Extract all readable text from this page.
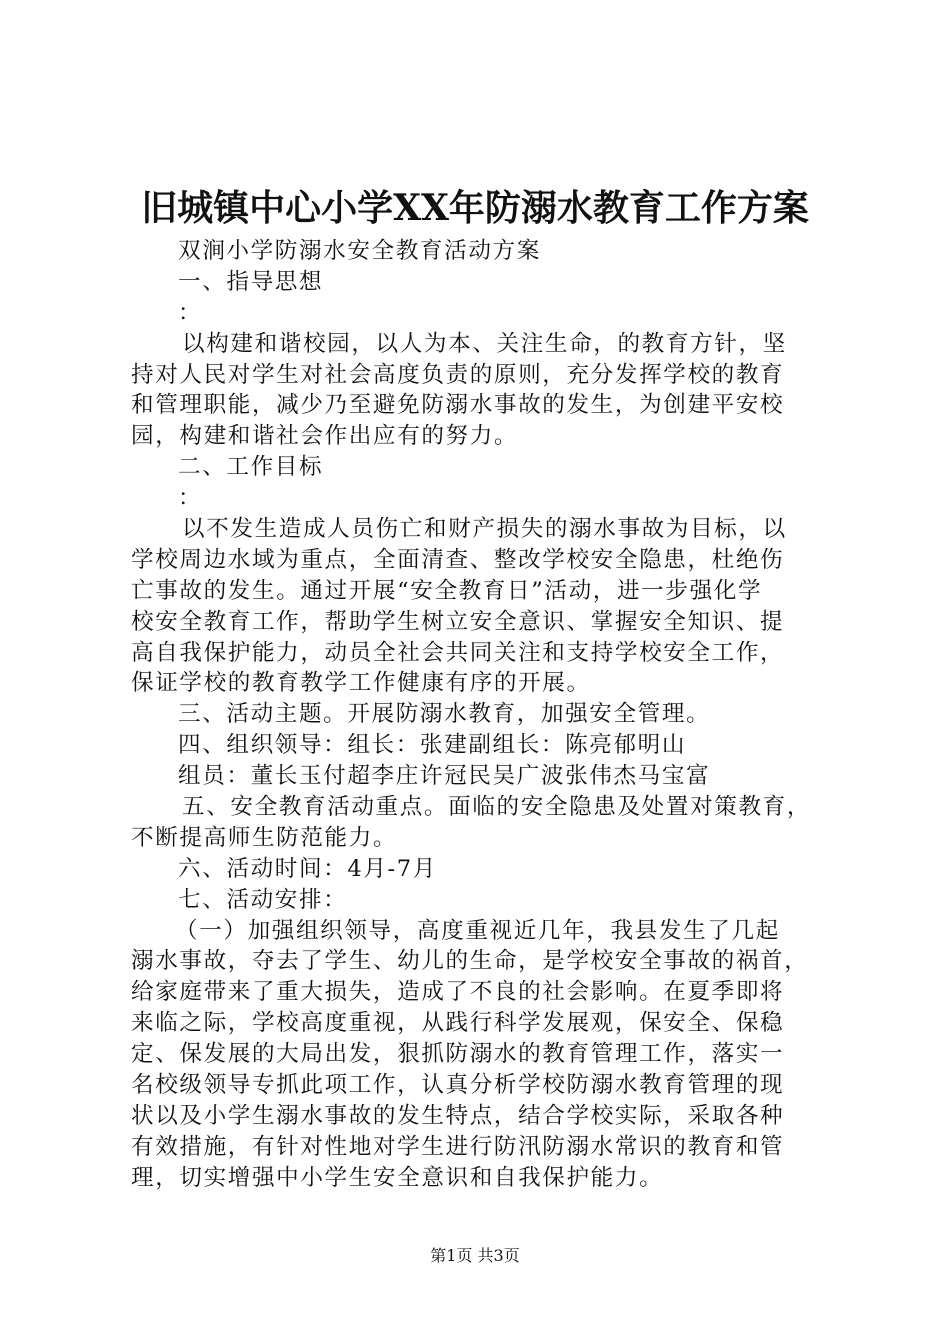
旧城镇中心小学XX年防溺水教育工作方案
双涧小学防溺水安全教育活动方案
一、指导思想
：
以构建和谐校园，以人为本、关注生命，的教育方针，坚
持对人民对学生对社会高度负责的原则，充分发挥学校的教育
和管理职能，减少乃至避免防溺水事故的发生，为创建平安校
园，构建和谐社会作出应有的努力。
二、工作目标
：
以不发生造成人员伤亡和财产损失的溺水事故为目标，以
学校周边水域为重点，全面清查、整改学校安全隐患，杜绝伤
亡事故的发生。通过开展“安全教育日”活动，进一步强化学
校安全教育工作，帮助学生树立安全意识、掌握安全知识、提
高自我保护能力，动员全社会共同关注和支持学校安全工作，
保证学校的教育教学工作健康有序的开展。
三、活动主题。开展防溺水教育，加强安全管理。
四、组织领导：组长：张建副组长：陈亮郁明山
组员：董长玉付超李庄许冠民吴广波张伟杰马宝富
五、安全教育活动重点。面临的安全隐患及处置对策教育，
不断提高师生防范能力。
六、活动时间：4月-7月
七、活动安排：
（一）加强组织领导，高度重视近几年，我县发生了几起
溺水事故，夺去了学生、幼儿的生命，是学校安全事故的祸首，
给家庭带来了重大损失，造成了不良的社会影响。在夏季即将
来临之际，学校高度重视，从践行科学发展观，保安全、保稳
定、保发展的大局出发，狠抓防溺水的教育管理工作，落实一
名校级领导专抓此项工作，认真分析学校防溺水教育管理的现
状以及小学生溺水事故的发生特点，结合学校实际，采取各种
有效措施，有针对性地对学生进行防汛防溺水常识的教育和管
理，切实增强中小学生安全意识和自我保护能力。
第1页 共3页
